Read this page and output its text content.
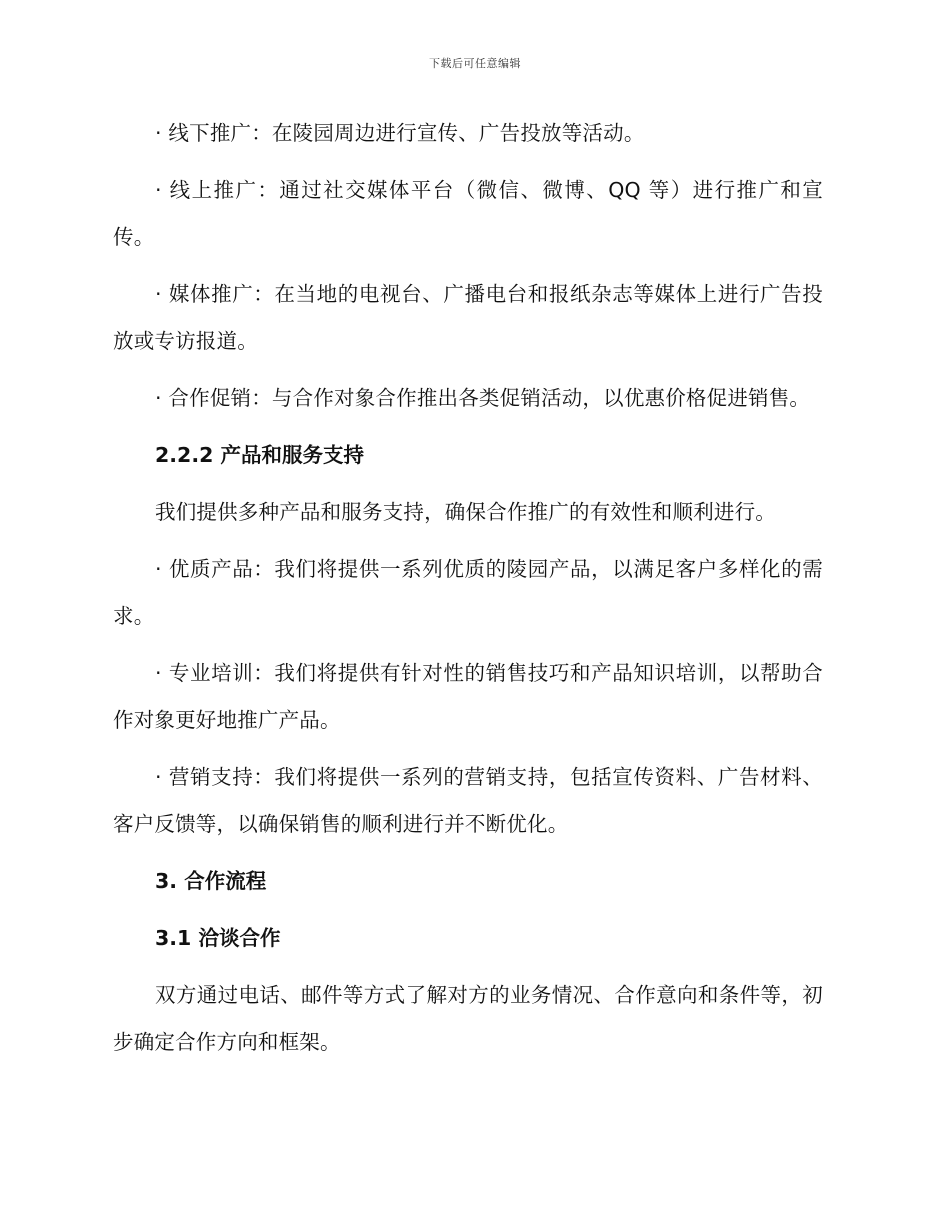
下载后可任意编辑

· 线下推广：在陵园周边进行宣传、广告投放等活动。

· 线上推广：通过社交媒体平台（微信、微博、QQ 等）进行推广和宣传。

· 媒体推广：在当地的电视台、广播电台和报纸杂志等媒体上进行广告投放或专访报道。

· 合作促销：与合作对象合作推出各类促销活动，以优惠价格促进销售。

2.2.2 产品和服务支持

我们提供多种产品和服务支持，确保合作推广的有效性和顺利进行。

· 优质产品：我们将提供一系列优质的陵园产品，以满足客户多样化的需求。

· 专业培训：我们将提供有针对性的销售技巧和产品知识培训，以帮助合作对象更好地推广产品。

· 营销支持：我们将提供一系列的营销支持，包括宣传资料、广告材料、客户反馈等，以确保销售的顺利进行并不断优化。

3. 合作流程
3.1 洽谈合作

双方通过电话、邮件等方式了解对方的业务情况、合作意向和条件等，初步确定合作方向和框架。
